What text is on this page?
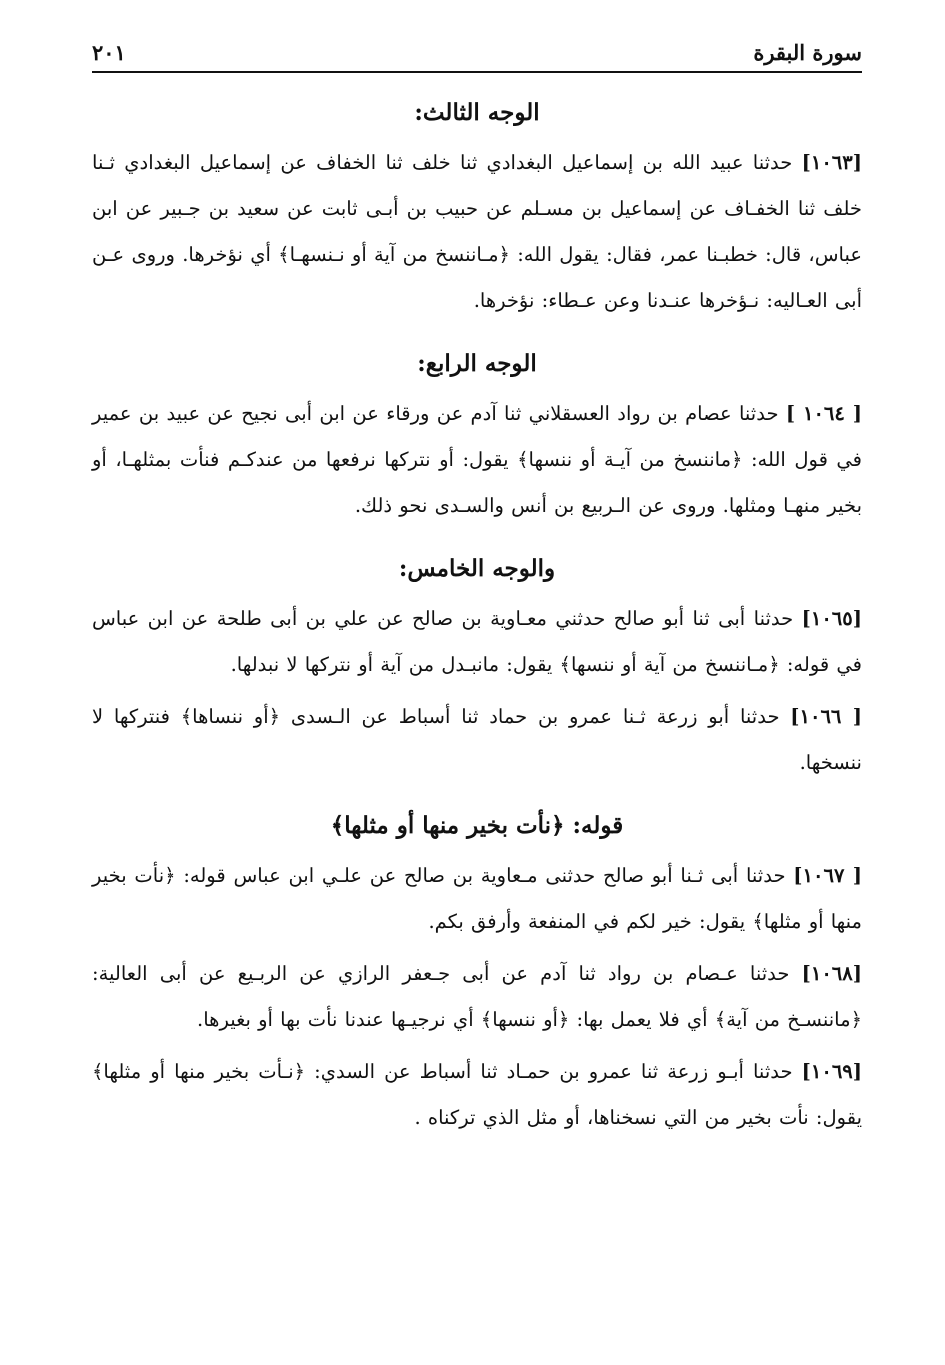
سورة البقرة
٢٠١
الوجه الثالث:

[١٠٦٣] حدثنا عبيد الله بن إسماعيل البغدادي ثنا خلف ثنا الخفاف عن إسماعيل البغدادي ثـنا خلف ثنا الخفـاف عن إسماعيل بن مسـلم عن حبيب بن أبـى ثابت عن سعيد بن جـبير عن ابن عباس، قال: خطبـنا عمر، فقال: يقول الله: ﴿مـاننسخ من آية أو نـنسهـا﴾ أي نؤخرها. وروى عـن أبى العـاليه: نـؤخرها عنـدنا وعن عـطاء: نؤخرها.

الوجه الرابع:

[ ١٠٦٤ ] حدثنا عصام بن رواد العسقلاني ثنا آدم عن ورقاء عن ابن أبى نجيح عن عبيد بن عمير في قول الله: ﴿ماننسخ من آيـة أو ننسها﴾ يقول: أو نتركها نرفعها من عندكـم فنأت بمثلهـا، أو بخير منهـا ومثلها. وروى عن الـربيع بن أنس والسـدى نحو ذلك.

والوجه الخامس:

[١٠٦٥] حدثنا أبى ثنا أبو صالح حدثني معـاوية بن صالح عن علي بن أبى طلحة عن ابن عباس في قوله: ﴿مـاننسخ من آية أو ننسها﴾ يقول: مانبـدل من آية أو نتركها لا نبدلها.

[ ١٠٦٦] حدثنا أبو زرعة ثـنا عمرو بن حماد ثنا أسباط عن الـسدى ﴿أو ننساها﴾ فنتركها لا ننسخها.

قوله: ﴿نأت بخير منها أو مثلها﴾

[ ١٠٦٧] حدثنا أبى ثـنا أبو صالح حدثنى مـعاوية بن صالح عن علـي ابن عباس قوله: ﴿نأت بخير منها أو مثلها﴾ يقول: خير لكم في المنفعة وأرفق بكم.

[١٠٦٨] حدثنا عـصام بن رواد ثنا آدم عن أبى جـعفر الرازي عن الربـيع عن أبى العالية: ﴿ماننسـخ من آية﴾ أي فلا يعمل بها: ﴿أو ننسها﴾ أي نرجيـها عندنا نأت بها أو بغيرها.

[١٠٦٩] حدثنا أبـو زرعة ثنا عمرو بن حمـاد ثنا أسباط عن السدي: ﴿نـأت بخير منها أو مثلها﴾ يقول: نأت بخير من التي نسخناها، أو مثل الذي تركناه .
